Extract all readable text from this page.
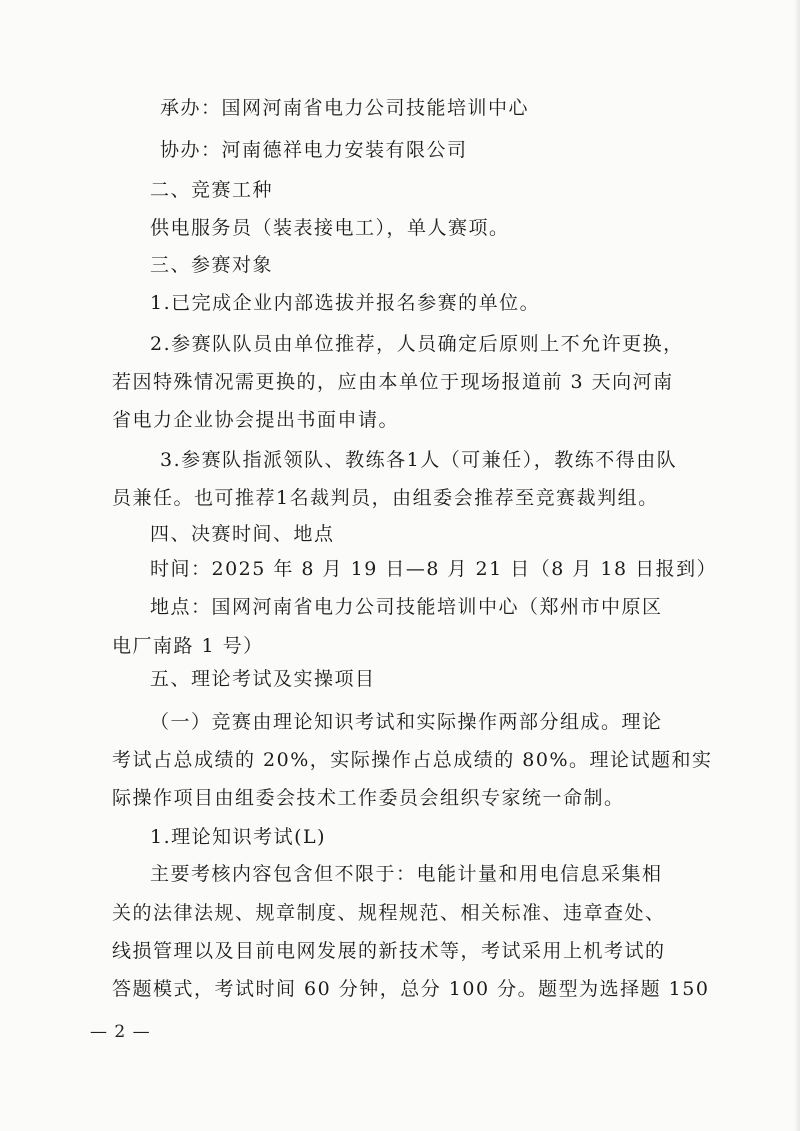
承办：国网河南省电力公司技能培训中心
协办：河南德祥电力安装有限公司
二、竞赛工种
供电服务员（装表接电工），单人赛项。
三、参赛对象
1.已完成企业内部选拔并报名参赛的单位。
2.参赛队队员由单位推荐，人员确定后原则上不允许更换，
若因特殊情况需更换的，应由本单位于现场报道前 3 天向河南
省电力企业协会提出书面申请。
3.参赛队指派领队、教练各1人（可兼任），教练不得由队
员兼任。也可推荐1名裁判员，由组委会推荐至竞赛裁判组。
四、决赛时间、地点
时间：2025 年 8 月 19 日—8 月 21 日（8 月 18 日报到）
地点：国网河南省电力公司技能培训中心（郑州市中原区
电厂南路 1 号）
五、理论考试及实操项目
（一）竞赛由理论知识考试和实际操作两部分组成。理论
考试占总成绩的 20%，实际操作占总成绩的 80%。理论试题和实
际操作项目由组委会技术工作委员会组织专家统一命制。
1.理论知识考试(L)
主要考核内容包含但不限于：电能计量和用电信息采集相
关的法律法规、规章制度、规程规范、相关标准、违章查处、
线损管理以及目前电网发展的新技术等，考试采用上机考试的
答题模式，考试时间 60 分钟，总分 100 分。题型为选择题 150
— 2 —
